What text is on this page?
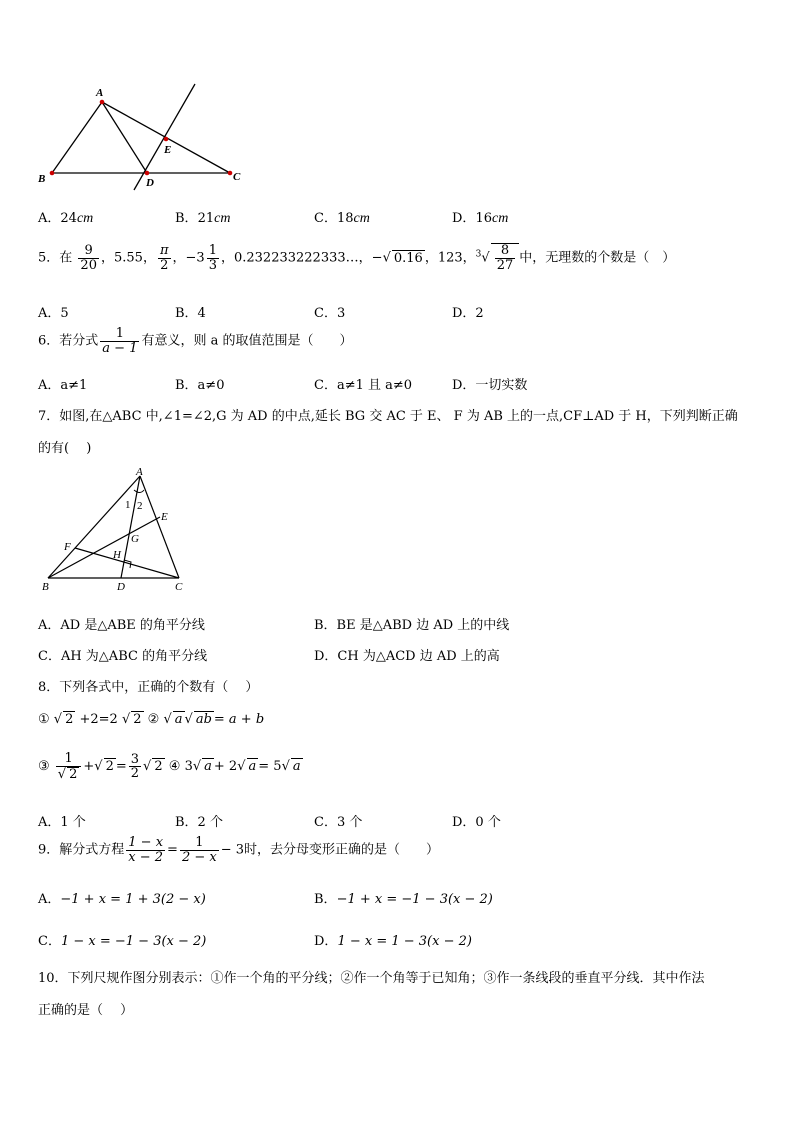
A
B	C
D
E
A．24cm	B．21cm	C．18cm	D．16cm
5．在 $\frac{9}{20}$ ，5.55， $\frac{\pi}{2}$ ，$-3 \frac{1}{3}$ ，0.232233222333…，−√ 0.16 ，123，$^3√ \frac{8}{27}$ 中，无理数的个数是（　）
A．5	B．4	C．3	D．2
6．若分式 $\frac{1}{a - 1}$ 有意义，则 a 的取值范围是（　　）
A．a≠1	B．a≠0	C．a≠1 且 a≠0	D．一切实数
7．如图,在△ABC 中,∠1=∠2,G 为 AD 的中点,延长 BG 交 AC 于 E、 F 为 AB 上的一点,CF⊥AD 于 H，下列判断正确
的有(　 )
A
B	C
D
E
F
G
H
1 2
A．AD 是△ABE 的角平分线	B．BE 是△ABD 边 AD 上的中线
C．AH 为△ABC 的角平分线	D．CH 为△ACD 边 AD 上的高
8．下列各式中，正确的个数有（　 ）
① √ 2 +2=2 √ 2 ② √ a √ ab = a + b
③ $\frac{1}{√ 2}$ +√ $2 = \frac{3}{2}$ √ 2 ④ 3√ a + 2√ a = 5√ a
A．1 个	B．2 个	C．3 个	D．0 个
9．解分式方程 $\frac{1 - x}{x - 2} = \frac{1}{2 - x} - 3$时，去分母变形正确的是（　　）
A．−1 + x = 1 + 3(2 − x)	B．−1 + x = −1 − 3(x − 2)
C．1 − x = −1 − 3(x − 2)	D．1 − x = 1 − 3(x − 2)
10．下列尺规作图分别表示：①作一个角的平分线；②作一个角等于已知角；③作一条线段的垂直平分线．其中作法
正确的是（　 ）
